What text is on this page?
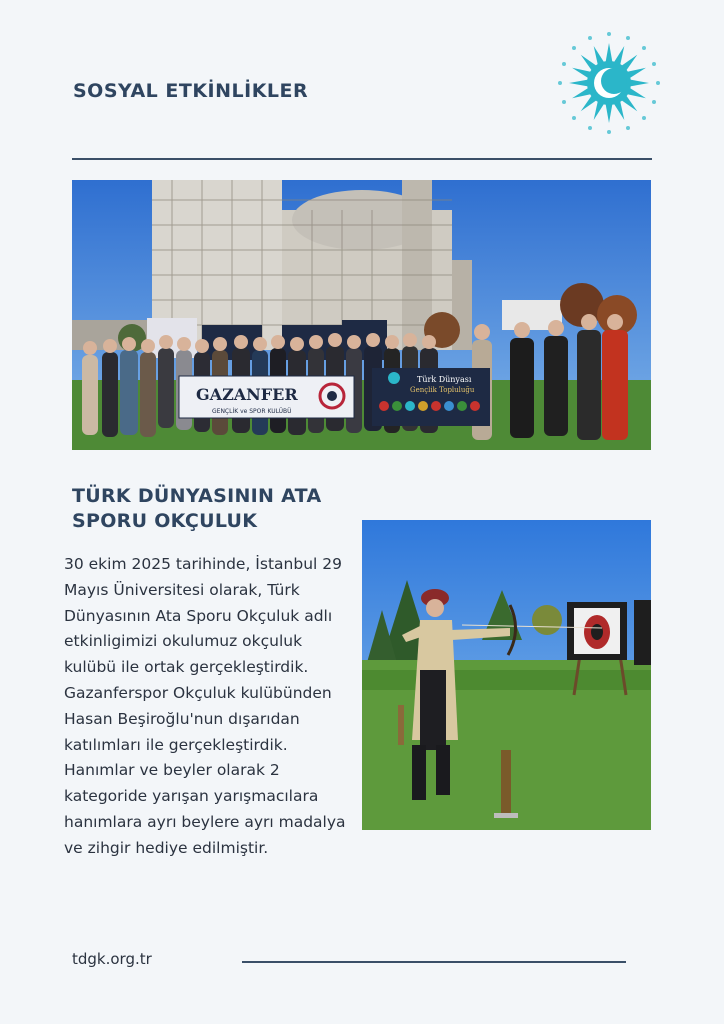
SOSYAL ETKİNLİKLER
GAZANFER
GENÇLİK ve SPOR KULÜBÜ
Türk Dünyası
Gençlik Topluluğu
TÜRK DÜNYASININ ATA SPORU OKÇULUK

30 ekim 2025 tarihinde, İstanbul 29 Mayıs Üniversitesi olarak, Türk Dünyasının Ata Sporu Okçuluk adlı etkinligimizi okulumuz okçuluk kulübü ile ortak gerçekleştirdik. Gazanferspor Okçuluk kulübünden Hasan Beşiroğlu'nun dışarıdan katılımları ile gerçekleştirdik. Hanımlar ve beyler olarak 2 kategoride yarışan yarışmacılara hanımlara ayrı beylere ayrı madalya ve zihgir hediye edilmiştir.

tdgk.org.tr
